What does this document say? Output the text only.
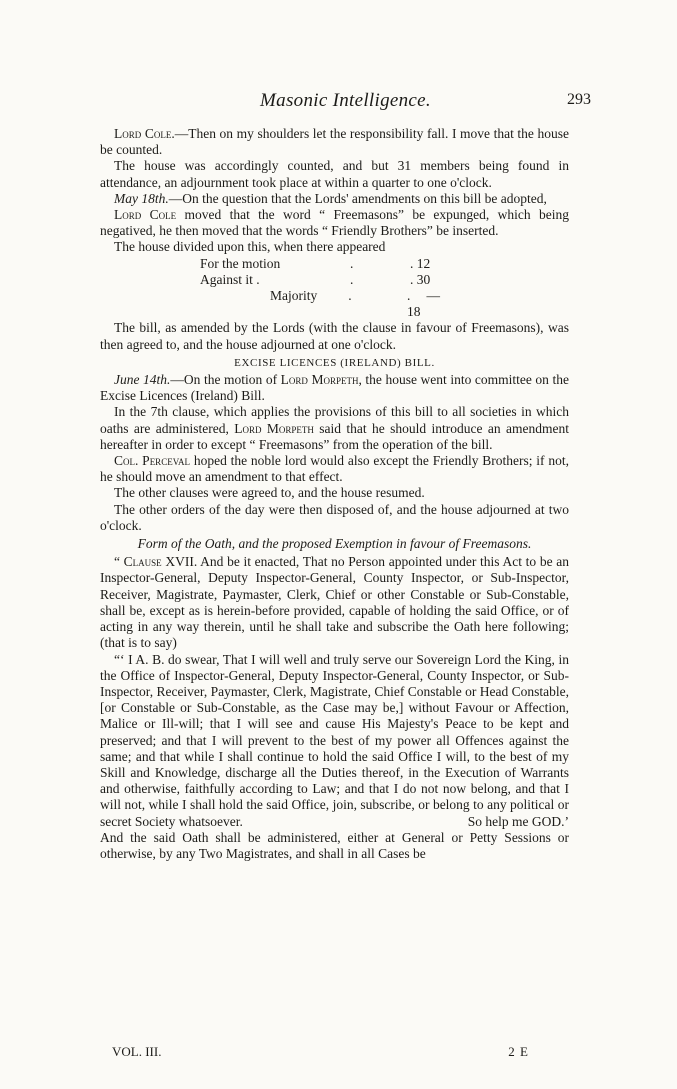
Masonic Intelligence.	293

Lord Cole.—Then on my shoulders let the responsibility fall. I move that the house be counted.

The house was accordingly counted, and but 31 members being found in attendance, an adjournment took place at within a quarter to one o'clock.

May 18th.—On the question that the Lords' amendments on this bill be adopted,

Lord Cole moved that the word “ Freemasons” be expunged, which being negatived, he then moved that the words “ Friendly Brothers” be inserted.

The house divided upon this, when there appeared

For the motion	.	. 12
Against it .	.	. 30
Majority	.	. —18

The bill, as amended by the Lords (with the clause in favour of Freemasons), was then agreed to, and the house adjourned at one o'clock.

EXCISE LICENCES (IRELAND) BILL.

June 14th.—On the motion of Lord Morpeth, the house went into committee on the Excise Licences (Ireland) Bill.

In the 7th clause, which applies the provisions of this bill to all societies in which oaths are administered, Lord Morpeth said that he should introduce an amendment hereafter in order to except “ Freemasons” from the operation of the bill.

Col. Perceval hoped the noble lord would also except the Friendly Brothers; if not, he should move an amendment to that effect.

The other clauses were agreed to, and the house resumed.

The other orders of the day were then disposed of, and the house adjourned at two o'clock.

Form of the Oath, and the proposed Exemption in favour of Freemasons.

“ Clause XVII. And be it enacted, That no Person appointed under this Act to be an Inspector-General, Deputy Inspector-General, County Inspector, or Sub-Inspector, Receiver, Magistrate, Paymaster, Clerk, Chief or other Constable or Sub-Constable, shall be, except as is herein-before provided, capable of holding the said Office, or of acting in any way therein, until he shall take and subscribe the Oath here following; (that is to say)

“‘ I A. B. do swear, That I will well and truly serve our Sovereign Lord the King, in the Office of Inspector-General, Deputy Inspector-General, County Inspector, or Sub-Inspector, Receiver, Paymaster, Clerk, Magistrate, Chief Constable or Head Constable, [or Constable or Sub-Constable, as the Case may be,] without Favour or Affection, Malice or Ill-will; that I will see and cause His Majesty's Peace to be kept and preserved; and that I will prevent to the best of my power all Offences against the same; and that while I shall continue to hold the said Office I will, to the best of my Skill and Knowledge, discharge all the Duties thereof, in the Execution of Warrants and otherwise, faithfully according to Law; and that I do not now belong, and that I will not, while I shall hold the said Office, join, subscribe, or belong to any political or secret Society whatsoever.	So help me GOD.’

And the said Oath shall be administered, either at General or Petty Sessions or otherwise, by any Two Magistrates, and shall in all Cases be

VOL. III.	2 E
